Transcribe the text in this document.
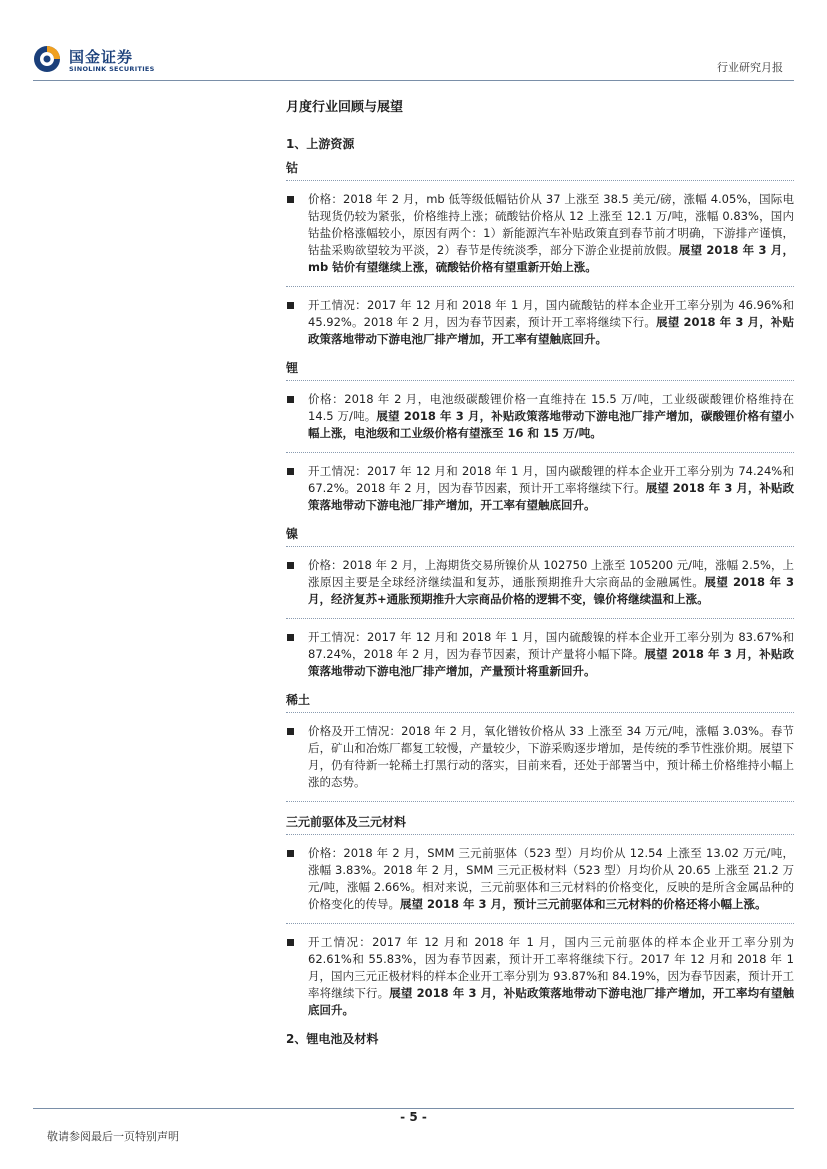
国金证券
SINOLINK SECURITIES	行业研究月报
月度行业回顾与展望
1、上游资源
钴

价格：2018 年 2 月，mb 低等级低幅钴价从 37 上涨至 38.5 美元/磅，涨幅 4.05%，国际电钴现货仍较为紧张，价格维持上涨；硫酸钴价格从 12 上涨至 12.1 万/吨，涨幅 0.83%，国内钴盐价格涨幅较小，原因有两个：1）新能源汽车补贴政策直到春节前才明确，下游排产谨慎，钴盐采购欲望较为平淡，2）春节是传统淡季，部分下游企业提前放假。展望 2018 年 3 月，mb 钴价有望继续上涨，硫酸钴价格有望重新开始上涨。

开工情况：2017 年 12 月和 2018 年 1 月，国内硫酸钴的样本企业开工率分别为 46.96%和 45.92%。2018 年 2 月，因为春节因素，预计开工率将继续下行。展望 2018 年 3 月，补贴政策落地带动下游电池厂排产增加，开工率有望触底回升。

锂

价格：2018 年 2 月，电池级碳酸锂价格一直维持在 15.5 万/吨，工业级碳酸锂价格维持在 14.5 万/吨。展望 2018 年 3 月，补贴政策落地带动下游电池厂排产增加，碳酸锂价格有望小幅上涨，电池级和工业级价格有望涨至 16 和 15 万/吨。

开工情况：2017 年 12 月和 2018 年 1 月，国内碳酸锂的样本企业开工率分别为 74.24%和 67.2%。2018 年 2 月，因为春节因素，预计开工率将继续下行。展望 2018 年 3 月，补贴政策落地带动下游电池厂排产增加，开工率有望触底回升。

镍

价格：2018 年 2 月，上海期货交易所镍价从 102750 上涨至 105200 元/吨，涨幅 2.5%，上涨原因主要是全球经济继续温和复苏，通胀预期推升大宗商品的金融属性。展望 2018 年 3 月，经济复苏+通胀预期推升大宗商品价格的逻辑不变，镍价将继续温和上涨。

开工情况：2017 年 12 月和 2018 年 1 月，国内硫酸镍的样本企业开工率分别为 83.67%和 87.24%，2018 年 2 月，因为春节因素，预计产量将小幅下降。展望 2018 年 3 月，补贴政策落地带动下游电池厂排产增加，产量预计将重新回升。

稀土

价格及开工情况：2018 年 2 月，氧化镨钕价格从 33 上涨至 34 万元/吨，涨幅 3.03%。春节后，矿山和冶炼厂都复工较慢，产量较少，下游采购逐步增加，是传统的季节性涨价期。展望下月，仍有待新一轮稀土打黑行动的落实，目前来看，还处于部署当中，预计稀土价格维持小幅上涨的态势。

三元前驱体及三元材料

价格：2018 年 2 月，SMM 三元前驱体（523 型）月均价从 12.54 上涨至 13.02 万元/吨，涨幅 3.83%。2018 年 2 月，SMM 三元正极材料（523 型）月均价从 20.65 上涨至 21.2 万元/吨，涨幅 2.66%。相对来说，三元前驱体和三元材料的价格变化，反映的是所含金属品种的价格变化的传导。展望 2018 年 3 月，预计三元前驱体和三元材料的价格还将小幅上涨。

开工情况：2017 年 12 月和 2018 年 1 月，国内三元前驱体的样本企业开工率分别为 62.61%和 55.83%，因为春节因素，预计开工率将继续下行。2017 年 12 月和 2018 年 1 月，国内三元正极材料的样本企业开工率分别为 93.87%和 84.19%，因为春节因素，预计开工率将继续下行。展望 2018 年 3 月，补贴政策落地带动下游电池厂排产增加，开工率均有望触底回升。

2、锂电池及材料
- 5 -
敬请参阅最后一页特别声明
